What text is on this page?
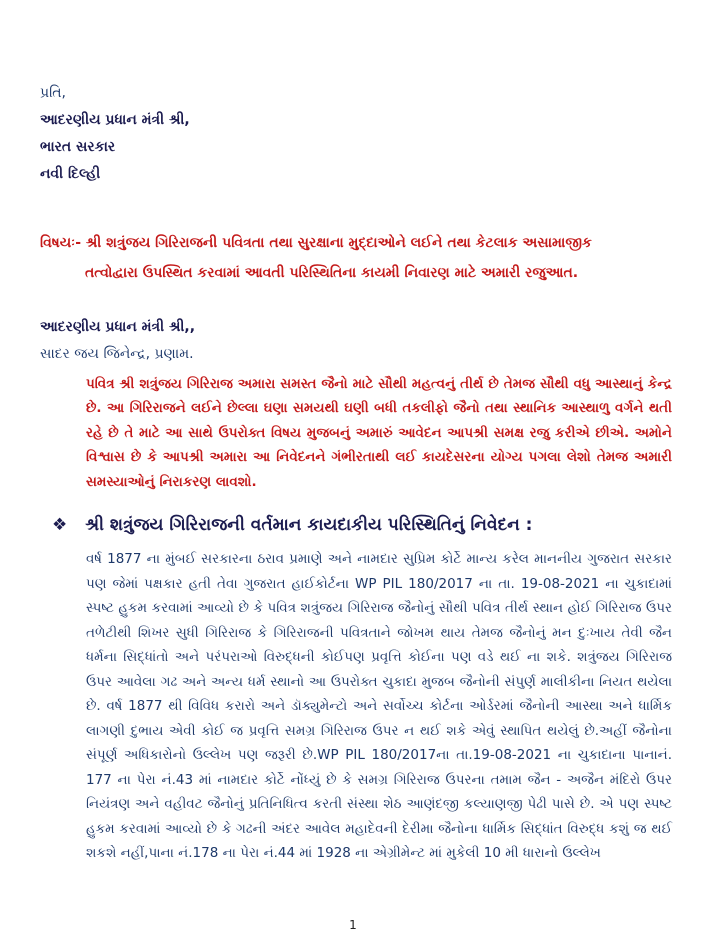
પ્રતિ,
આદરણીય પ્રધાન મંત્રી શ્રી,
ભારત સરકાર
નવી દિલ્હી
વિષયઃ- શ્રી શત્રુંજય ગિરિરાજની પવિત્રતા તથા સુરક્ષાના મુદ્દાઓને લઈને તથા કેટલાક અસામાજીક
તત્વોદ્વારા ઉપસ્થિત કરવામાં આવતી પરિસ્થિતિના કાયમી નિવારણ માટે અમારી રજુઆત.
આદરણીય પ્રધાન મંત્રી શ્રી,,
સાદર જય જિનેન્દ્ર, પ્રણામ.
પવિત્ર શ્રી શત્રુંજય ગિરિરાજ અમારા સમસ્ત જૈનો માટે સૌથી મહત્વનું તીર્થ છે તેમજ સૌથી વધુ આસ્થાનું કેન્દ્ર છે. આ ગિરિરાજને લઈને છેલ્લા ઘણા સમયથી ઘણી બધી તકલીફો જૈનો તથા સ્થાનિક આસ્થાળુ વર્ગને થતી રહે છે તે માટે આ સાથે ઉપરોક્ત વિષય મુજબનું અમારું આવેદન આપશ્રી સમક્ષ રજુ કરીએ છીએ. અમોને વિશ્વાસ છે કે આપશ્રી અમારા આ નિવેદનને ગંભીરતાથી લઈ કાયદેસરના યોગ્ય પગલા લેશો તેમજ અમારી સમસ્યાઓનું નિરાકરણ લાવશો.
❖ શ્રી શત્રુંજય ગિરિરાજની વર્તમાન કાયદાકીય પરિસ્થિતિનું નિવેદન :
વર્ષ 1877 ના મુંબઈ સરકારના ઠરાવ પ્રમાણે અને નામદાર સુપ્રિમ કોર્ટે માન્ય કરેલ માનનીય ગુજરાત સરકાર પણ જેમાં પક્ષકાર હતી તેવા ગુજરાત હાઈકોર્ટના WP PIL 180/2017 ના તા. 19-08-2021 ના ચુકાદામાં સ્પષ્ટ હુકમ કરવામાં આવ્યો છે કે પવિત્ર શત્રુંજય ગિરિરાજ જૈનોનું સૌથી પવિત્ર તીર્થ સ્થાન હોઈ ગિરિરાજ ઉપર તળેટીથી શિખર સુધી ગિરિરાજ કે ગિરિરાજની પવિત્રતાને જોખમ થાય તેમજ જૈનોનું મન દુઃખાય તેવી જૈન ધર્મના સિદ્ધાંતો અને પરંપરાઓ વિરુદ્ધની કોઈપણ પ્રવૃત્તિ કોઈના પણ વડે થઈ ના શકે. શત્રુંજય ગિરિરાજ ઉપર આવેલા ગઢ અને અન્ય ધર્મ સ્થાનો આ ઉપરોક્ત ચુકાદા મુજબ જૈનોની સંપુર્ણ માલીકીના નિયત થયેલા છે. વર્ષ 1877 થી વિવિધ કરારો અને ડૉક્યુમેન્ટો અને સર્વોચ્ચ કોર્ટના ઓર્ડરમાં જૈનોની આસ્થા અને ધાર્મિક લાગણી દુભાય એવી કોઈ જ પ્રવૃત્તિ સમગ્ર ગિરિરાજ ઉપર ન થઈ શકે એવું સ્થાપિત થયેલું છે.અહીં જૈનોના સંપૂર્ણ અધિકારોનો ઉલ્લેખ પણ જરૂરી છે.WP PIL 180/2017ના તા.19-08-2021 ના ચુકાદાના પાનાનં. 177 ના પેરા નં.43 માં નામદાર કોર્ટે નોંધ્યું છે કે સમગ્ર ગિરિરાજ ઉપરના તમામ જૈન - અજૈન મંદિરો ઉપર નિયંત્રણ અને વહીવટ જૈનોનું પ્રતિનિધિત્વ કરતી સંસ્થા શેઠ આણંદજી કલ્યાણજી પેઢી પાસે છે. એ પણ સ્પષ્ટ હુકમ કરવામાં આવ્યો છે કે ગઢની અંદર આવેલ મહાદેવની દેરીમા જૈનોના ધાર્મિક સિદ્ધાંત વિરુદ્ધ કશું જ થઈ શકશે નહીં,પાના નં.178 ના પેરા નં.44 માં 1928 ના એગ્રીમેન્ટ માં મુકેલી 10 મી ધારાનો ઉલ્લેખ
1
